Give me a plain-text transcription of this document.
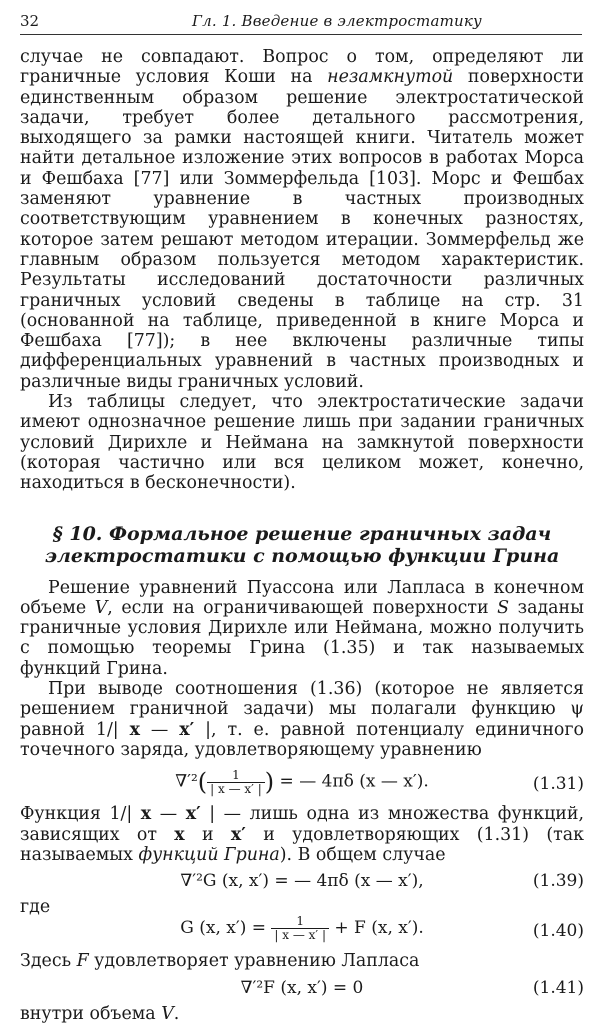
32	Гл. 1. Введение в электростатику

случае не совпадают. Вопрос о том, определяют ли граничные условия Коши на незамкнутой поверхности единственным образом решение электростатической задачи, требует более детального рассмотрения, выходящего за рамки настоящей книги. Читатель может найти детальное изложение этих вопросов в работах Морса и Фешбаха [77] или Зоммерфельда [103]. Морс и Фешбах заменяют уравнение в частных производных соответствующим уравнением в конечных разностях, которое затем решают методом итерации. Зоммерфельд же главным образом пользуется методом характеристик. Результаты исследований достаточности различных граничных условий сведены в таблице на стр. 31 (основанной на таблице, приведенной в книге Морса и Фешбаха [77]); в нее включены различные типы дифференциальных уравнений в частных производных и различные виды граничных условий.

Из таблицы следует, что электростатические задачи имеют однозначное решение лишь при задании граничных условий Дирихле и Неймана на замкнутой поверхности (которая частично или вся целиком может, конечно, находиться в бесконечности).

§ 10. Формальное решение граничных задач
электростатики с помощью функции Грина

Решение уравнений Пуассона или Лапласа в конечном объеме V, если на ограничивающей поверхности S заданы граничные условия Дирихле или Неймана, можно получить с помощью теоремы Грина (1.35) и так называемых функций Грина.

При выводе соотношения (1.36) (которое не является решением граничной задачи) мы полагали функцию ψ равной 1/| x — x′ |, т. е. равной потенциалу единичного точечного заряда, удовлетворяющему уравнению

$\nabla'^2( \frac{1}{| x — x' |}$ ) = — 4πδ (x — x′).	(1.31)

Функция 1/| x — x′ | — лишь одна из множества функций, зависящих от x и x′ и удовлетворяющих (1.31) (так называемых функций Грина). В общем случае

∇′²G (x, x′) = — 4πδ (x — x′),	(1.39)

где

G (x, $x') = \frac{1}{| x — x' |} + F$ (x, x′).	(1.40)

Здесь F удовлетворяет уравнению Лапласа

∇′²F (x, x′) = 0	(1.41)

внутри объема V.
